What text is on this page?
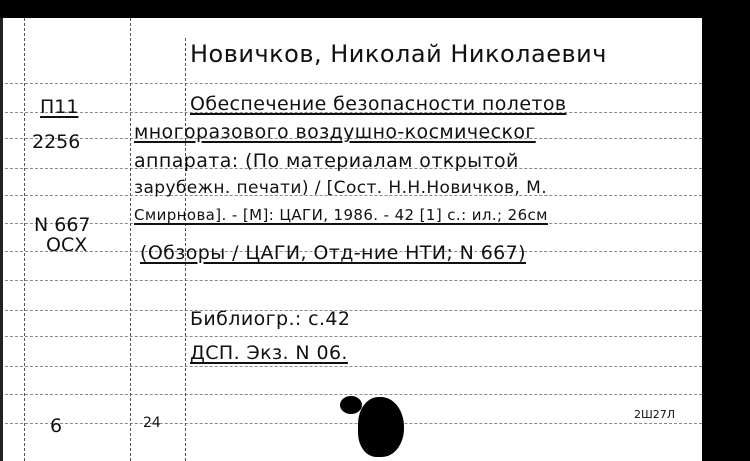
П11
2256
N 667
ОСХ
6	24
2Ш27Л
Новичков, Николай Николаевич
Обеспечение безопасности полетов
многоразового воздушно-космическог
аппарата: (По материалам открытой
зарубежн. печати) / [Сост. Н.Н.Новичков, М.
Смирнова]. - [М]: ЦАГИ, 1986. - 42 [1] с.: ил.; 26см
(Обзоры / ЦАГИ, Отд-ние НТИ; N 667)
Библиогр.: с.42
ДСП. Экз. N 06.
